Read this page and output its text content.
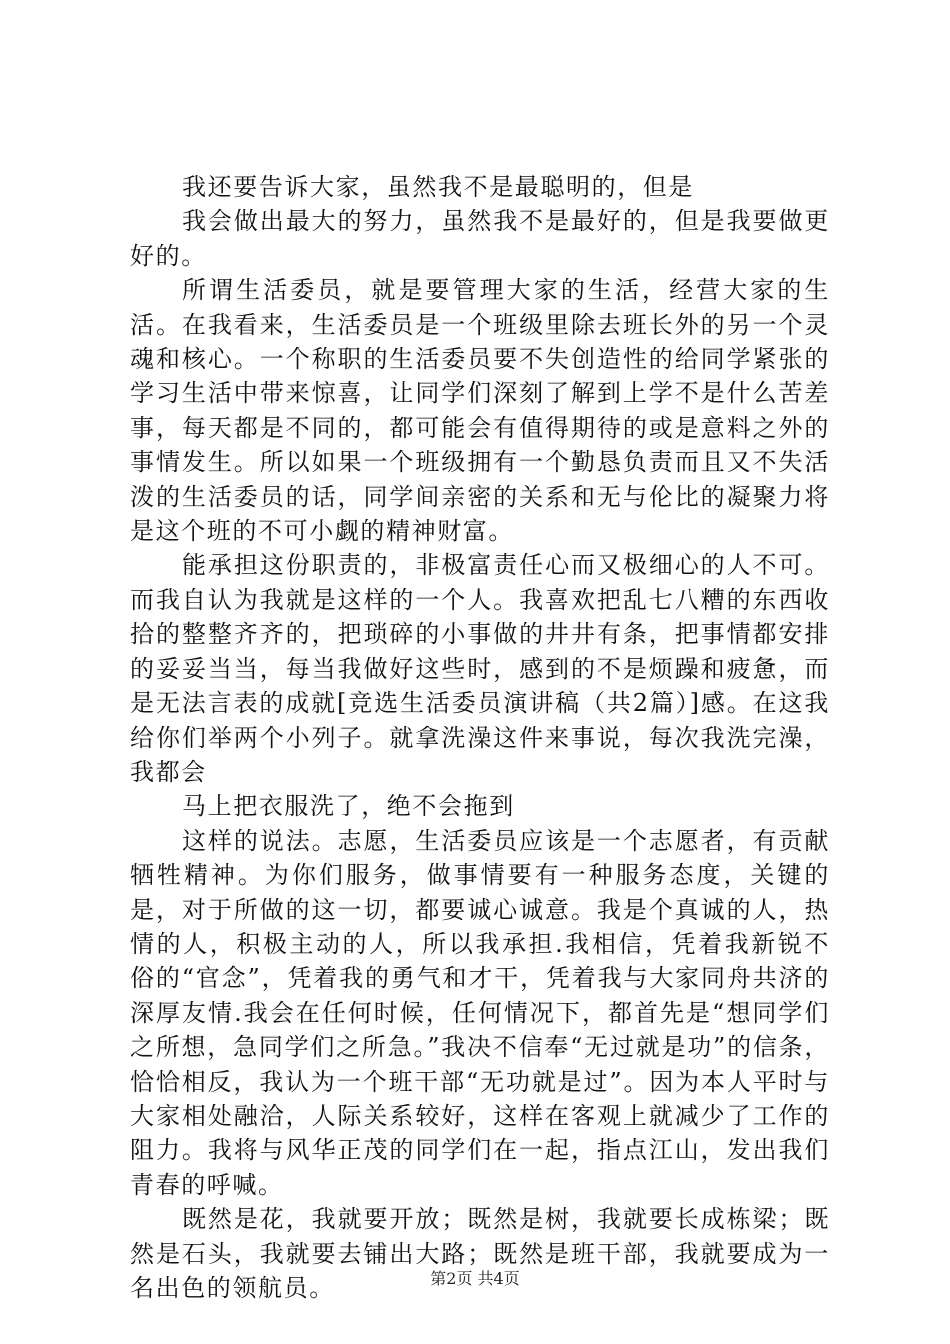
我还要告诉大家，虽然我不是最聪明的，但是

我会做出最大的努力，虽然我不是最好的，但是我要做更好的。

所谓生活委员，就是要管理大家的生活，经营大家的生活。在我看来，生活委员是一个班级里除去班长外的另一个灵魂和核心。一个称职的生活委员要不失创造性的给同学紧张的学习生活中带来惊喜，让同学们深刻了解到上学不是什么苦差事，每天都是不同的，都可能会有值得期待的或是意料之外的事情发生。所以如果一个班级拥有一个勤恳负责而且又不失活泼的生活委员的话，同学间亲密的关系和无与伦比的凝聚力将是这个班的不可小觑的精神财富。

能承担这份职责的，非极富责任心而又极细心的人不可。而我自认为我就是这样的一个人。我喜欢把乱七八糟的东西收拾的整整齐齐的，把琐碎的小事做的井井有条，把事情都安排的妥妥当当，每当我做好这些时，感到的不是烦躁和疲惫，而是无法言表的成就[竞选生活委员演讲稿（共2篇）]感。在这我给你们举两个小列子。就拿洗澡这件来事说，每次我洗完澡，我都会

马上把衣服洗了，绝不会拖到

这样的说法。志愿，生活委员应该是一个志愿者，有贡献牺牲精神。为你们服务，做事情要有一种服务态度，关键的是，对于所做的这一切，都要诚心诚意。我是个真诚的人，热情的人，积极主动的人，所以我承担.我相信，凭着我新锐不俗的“官念”，凭着我的勇气和才干，凭着我与大家同舟共济的深厚友情.我会在任何时候，任何情况下，都首先是“想同学们之所想，急同学们之所急。”我决不信奉“无过就是功”的信条，恰恰相反，我认为一个班干部“无功就是过”。因为本人平时与大家相处融洽，人际关系较好，这样在客观上就减少了工作的阻力。我将与风华正茂的同学们在一起，指点江山，发出我们青春的呼喊。

既然是花，我就要开放；既然是树，我就要长成栋梁；既然是石头，我就要去铺出大路；既然是班干部，我就要成为一名出色的领航员。	第2页 共4页
